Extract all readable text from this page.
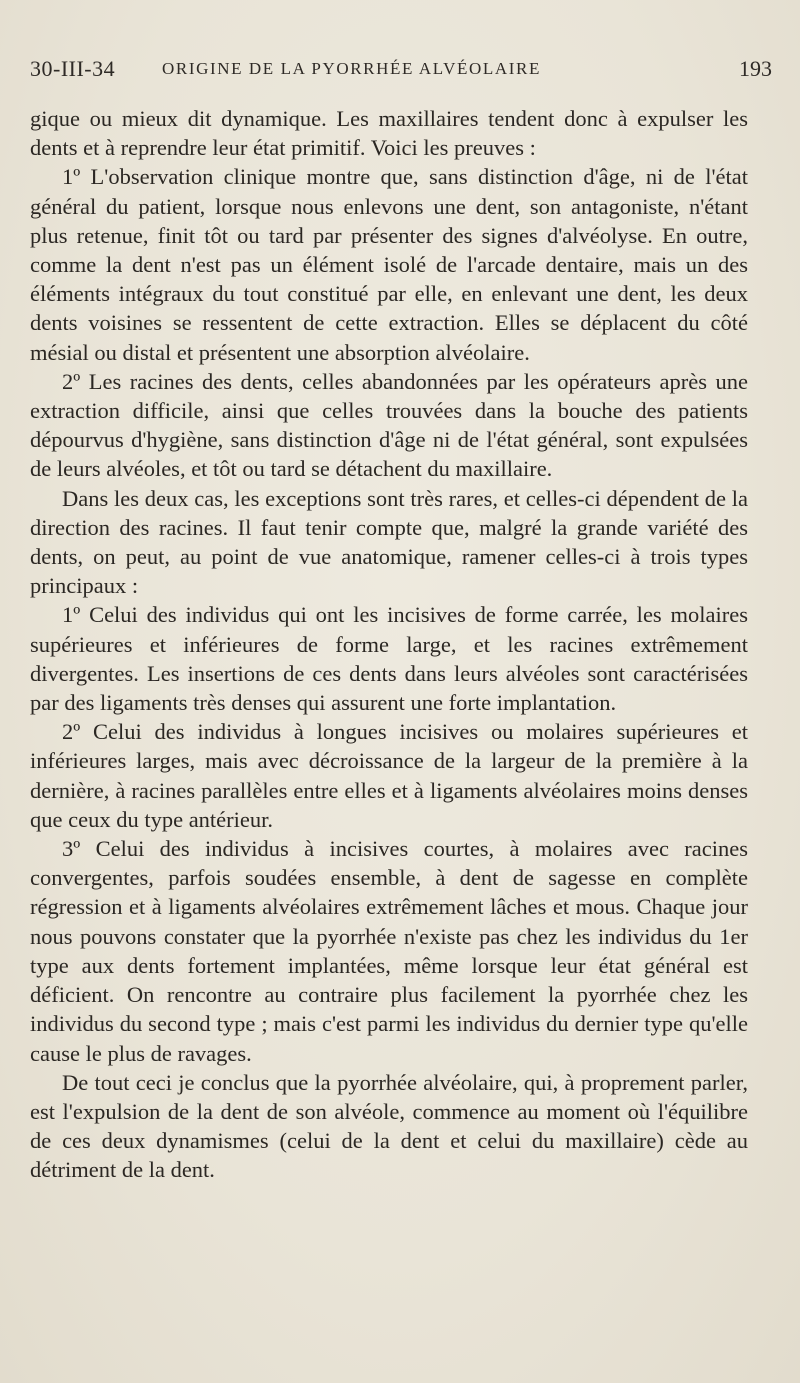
30-III-34	ORIGINE DE LA PYORRHÉE ALVÉOLAIRE	193

gique ou mieux dit dynamique. Les maxillaires tendent donc à expulser les dents et à reprendre leur état primitif. Voici les preuves :

1º L'observation clinique montre que, sans distinction d'âge, ni de l'état général du patient, lorsque nous enlevons une dent, son antagoniste, n'étant plus retenue, finit tôt ou tard par présenter des signes d'alvéolyse. En outre, comme la dent n'est pas un élément isolé de l'arcade dentaire, mais un des éléments intégraux du tout constitué par elle, en enlevant une dent, les deux dents voisines se ressentent de cette extraction. Elles se déplacent du côté mésial ou distal et présentent une absorption alvéolaire.

2º Les racines des dents, celles abandonnées par les opérateurs après une extraction difficile, ainsi que celles trouvées dans la bouche des patients dépourvus d'hygiène, sans distinction d'âge ni de l'état général, sont expulsées de leurs alvéoles, et tôt ou tard se détachent du maxillaire.

Dans les deux cas, les exceptions sont très rares, et celles-ci dépendent de la direction des racines. Il faut tenir compte que, malgré la grande variété des dents, on peut, au point de vue anatomique, ramener celles-ci à trois types principaux :

1º Celui des individus qui ont les incisives de forme carrée, les molaires supérieures et inférieures de forme large, et les racines extrêmement divergentes. Les insertions de ces dents dans leurs alvéoles sont caractérisées par des ligaments très denses qui assurent une forte implantation.

2º Celui des individus à longues incisives ou molaires supérieures et inférieures larges, mais avec décroissance de la largeur de la première à la dernière, à racines parallèles entre elles et à ligaments alvéolaires moins denses que ceux du type antérieur.

3º Celui des individus à incisives courtes, à molaires avec racines convergentes, parfois soudées ensemble, à dent de sagesse en complète régression et à ligaments alvéolaires extrêmement lâches et mous. Chaque jour nous pouvons constater que la pyorrhée n'existe pas chez les individus du 1er type aux dents fortement implantées, même lorsque leur état général est déficient. On rencontre au contraire plus facilement la pyorrhée chez les individus du second type ; mais c'est parmi les individus du dernier type qu'elle cause le plus de ravages.

De tout ceci je conclus que la pyorrhée alvéolaire, qui, à proprement parler, est l'expulsion de la dent de son alvéole, commence au moment où l'équilibre de ces deux dynamismes (celui de la dent et celui du maxillaire) cède au détriment de la dent.
